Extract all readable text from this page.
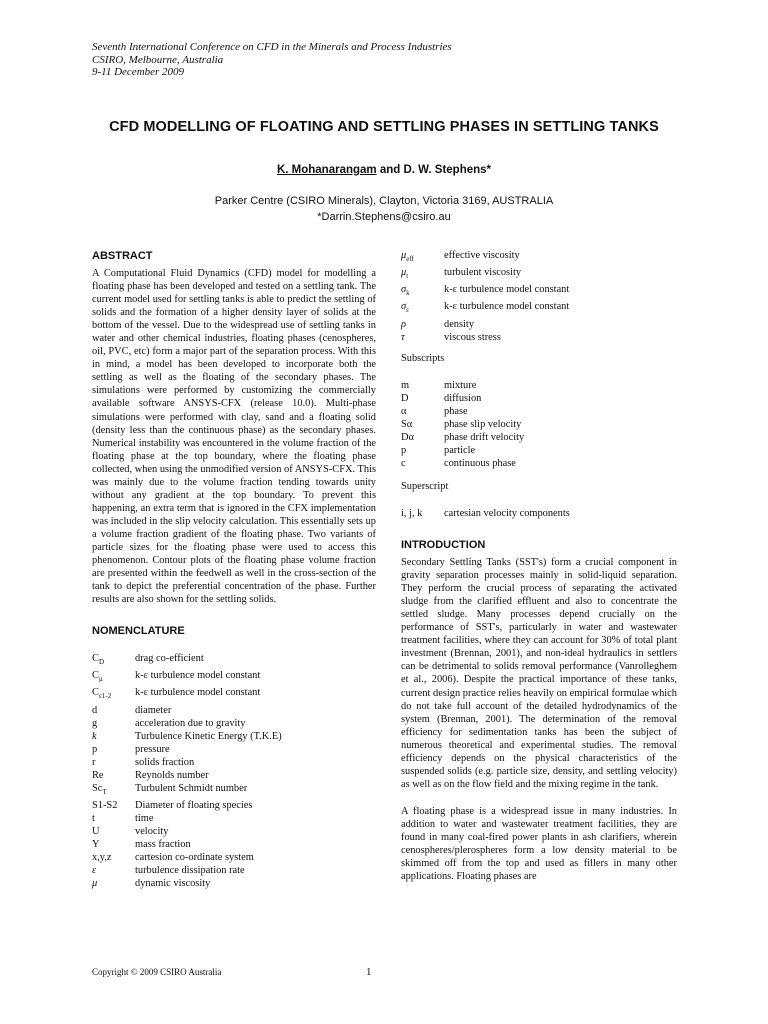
Seventh International Conference on CFD in the Minerals and Process Industries
CSIRO, Melbourne, Australia
9-11 December 2009
CFD MODELLING OF FLOATING AND SETTLING PHASES IN SETTLING TANKS
K. Mohanarangam and D. W. Stephens*
Parker Centre (CSIRO Minerals), Clayton, Victoria 3169, AUSTRALIA
*Darrin.Stephens@csiro.au
ABSTRACT
A Computational Fluid Dynamics (CFD) model for modelling a floating phase has been developed and tested on a settling tank. The current model used for settling tanks is able to predict the settling of solids and the formation of a higher density layer of solids at the bottom of the vessel. Due to the widespread use of settling tanks in water and other chemical industries, floating phases (cenospheres, oil, PVC, etc) form a major part of the separation process. With this in mind, a model has been developed to incorporate both the settling as well as the floating of the secondary phases. The simulations were performed by customizing the commercially available software ANSYS-CFX (release 10.0). Multi-phase simulations were performed with clay, sand and a floating solid (density less than the continuous phase) as the secondary phases. Numerical instability was encountered in the volume fraction of the floating phase at the top boundary, where the floating phase collected, when using the unmodified version of ANSYS-CFX. This was mainly due to the volume fraction tending towards unity without any gradient at the top boundary. To prevent this happening, an extra term that is ignored in the CFX implementation was included in the slip velocity calculation. This essentially sets up a volume fraction gradient of the floating phase. Two variants of particle sizes for the floating phase were used to access this phenomenon. Contour plots of the floating phase volume fraction are presented within the feedwell as well in the cross-section of the tank to depict the preferential concentration of the phase. Further results are also shown for the settling solids.
NOMENCLATURE
$C_D$	drag co-efficient
$C_\mu$	k-ε turbulence model constant
$C_{\varepsilon 1-2}$	k-ε turbulence model constant
d	diameter
g	acceleration due to gravity
k	Turbulence Kinetic Energy (T.K.E)
p	pressure
r	solids fraction
Re	Reynolds number
$Sc_T$	Turbulent Schmidt number
S1-S2	Diameter of floating species
t	time
U	velocity
Y	mass fraction
x,y,z	cartesion co-ordinate system
ε	turbulence dissipation rate
μ	dynamic viscosity
$\mu_{eff}$	effective viscosity
$\mu_t$	turbulent viscosity
$\sigma_k$	k-ε turbulence model constant
$\sigma_\varepsilon$	k-ε turbulence model constant
ρ	density
τ	viscous stress
Subscripts
m	mixture
D	diffusion
α	phase
Sα	phase slip velocity
Dα	phase drift velocity
p	particle
c	continuous phase
Superscript
i, j, k	cartesian velocity components
INTRODUCTION
Secondary Settling Tanks (SST's) form a crucial component in gravity separation processes mainly in solid-liquid separation. They perform the crucial process of separating the activated sludge from the clarified effluent and also to concentrate the settled sludge. Many processes depend crucially on the performance of SST's, particularly in water and wastewater treatment facilities, where they can account for 30% of total plant investment (Brennan, 2001), and non-ideal hydraulics in settlers can be detrimental to solids removal performance (Vanrolleghem et al., 2006). Despite the practical importance of these tanks, current design practice relies heavily on empirical formulae which do not take full account of the detailed hydrodynamics of the system (Brennan, 2001). The determination of the removal efficiency for sedimentation tanks has been the subject of numerous theoretical and experimental studies. The removal efficiency depends on the physical characteristics of the suspended solids (e.g. particle size, density, and settling velocity) as well as on the flow field and the mixing regime in the tank.
A floating phase is a widespread issue in many industries. In addition to water and wastewater treatment facilities, they are found in many coal-fired power plants in ash clarifiers, wherein cenospheres/plerospheres form a low density material to be skimmed off from the top and used as fillers in many other applications. Floating phases are
Copyright © 2009 CSIRO Australia	1
